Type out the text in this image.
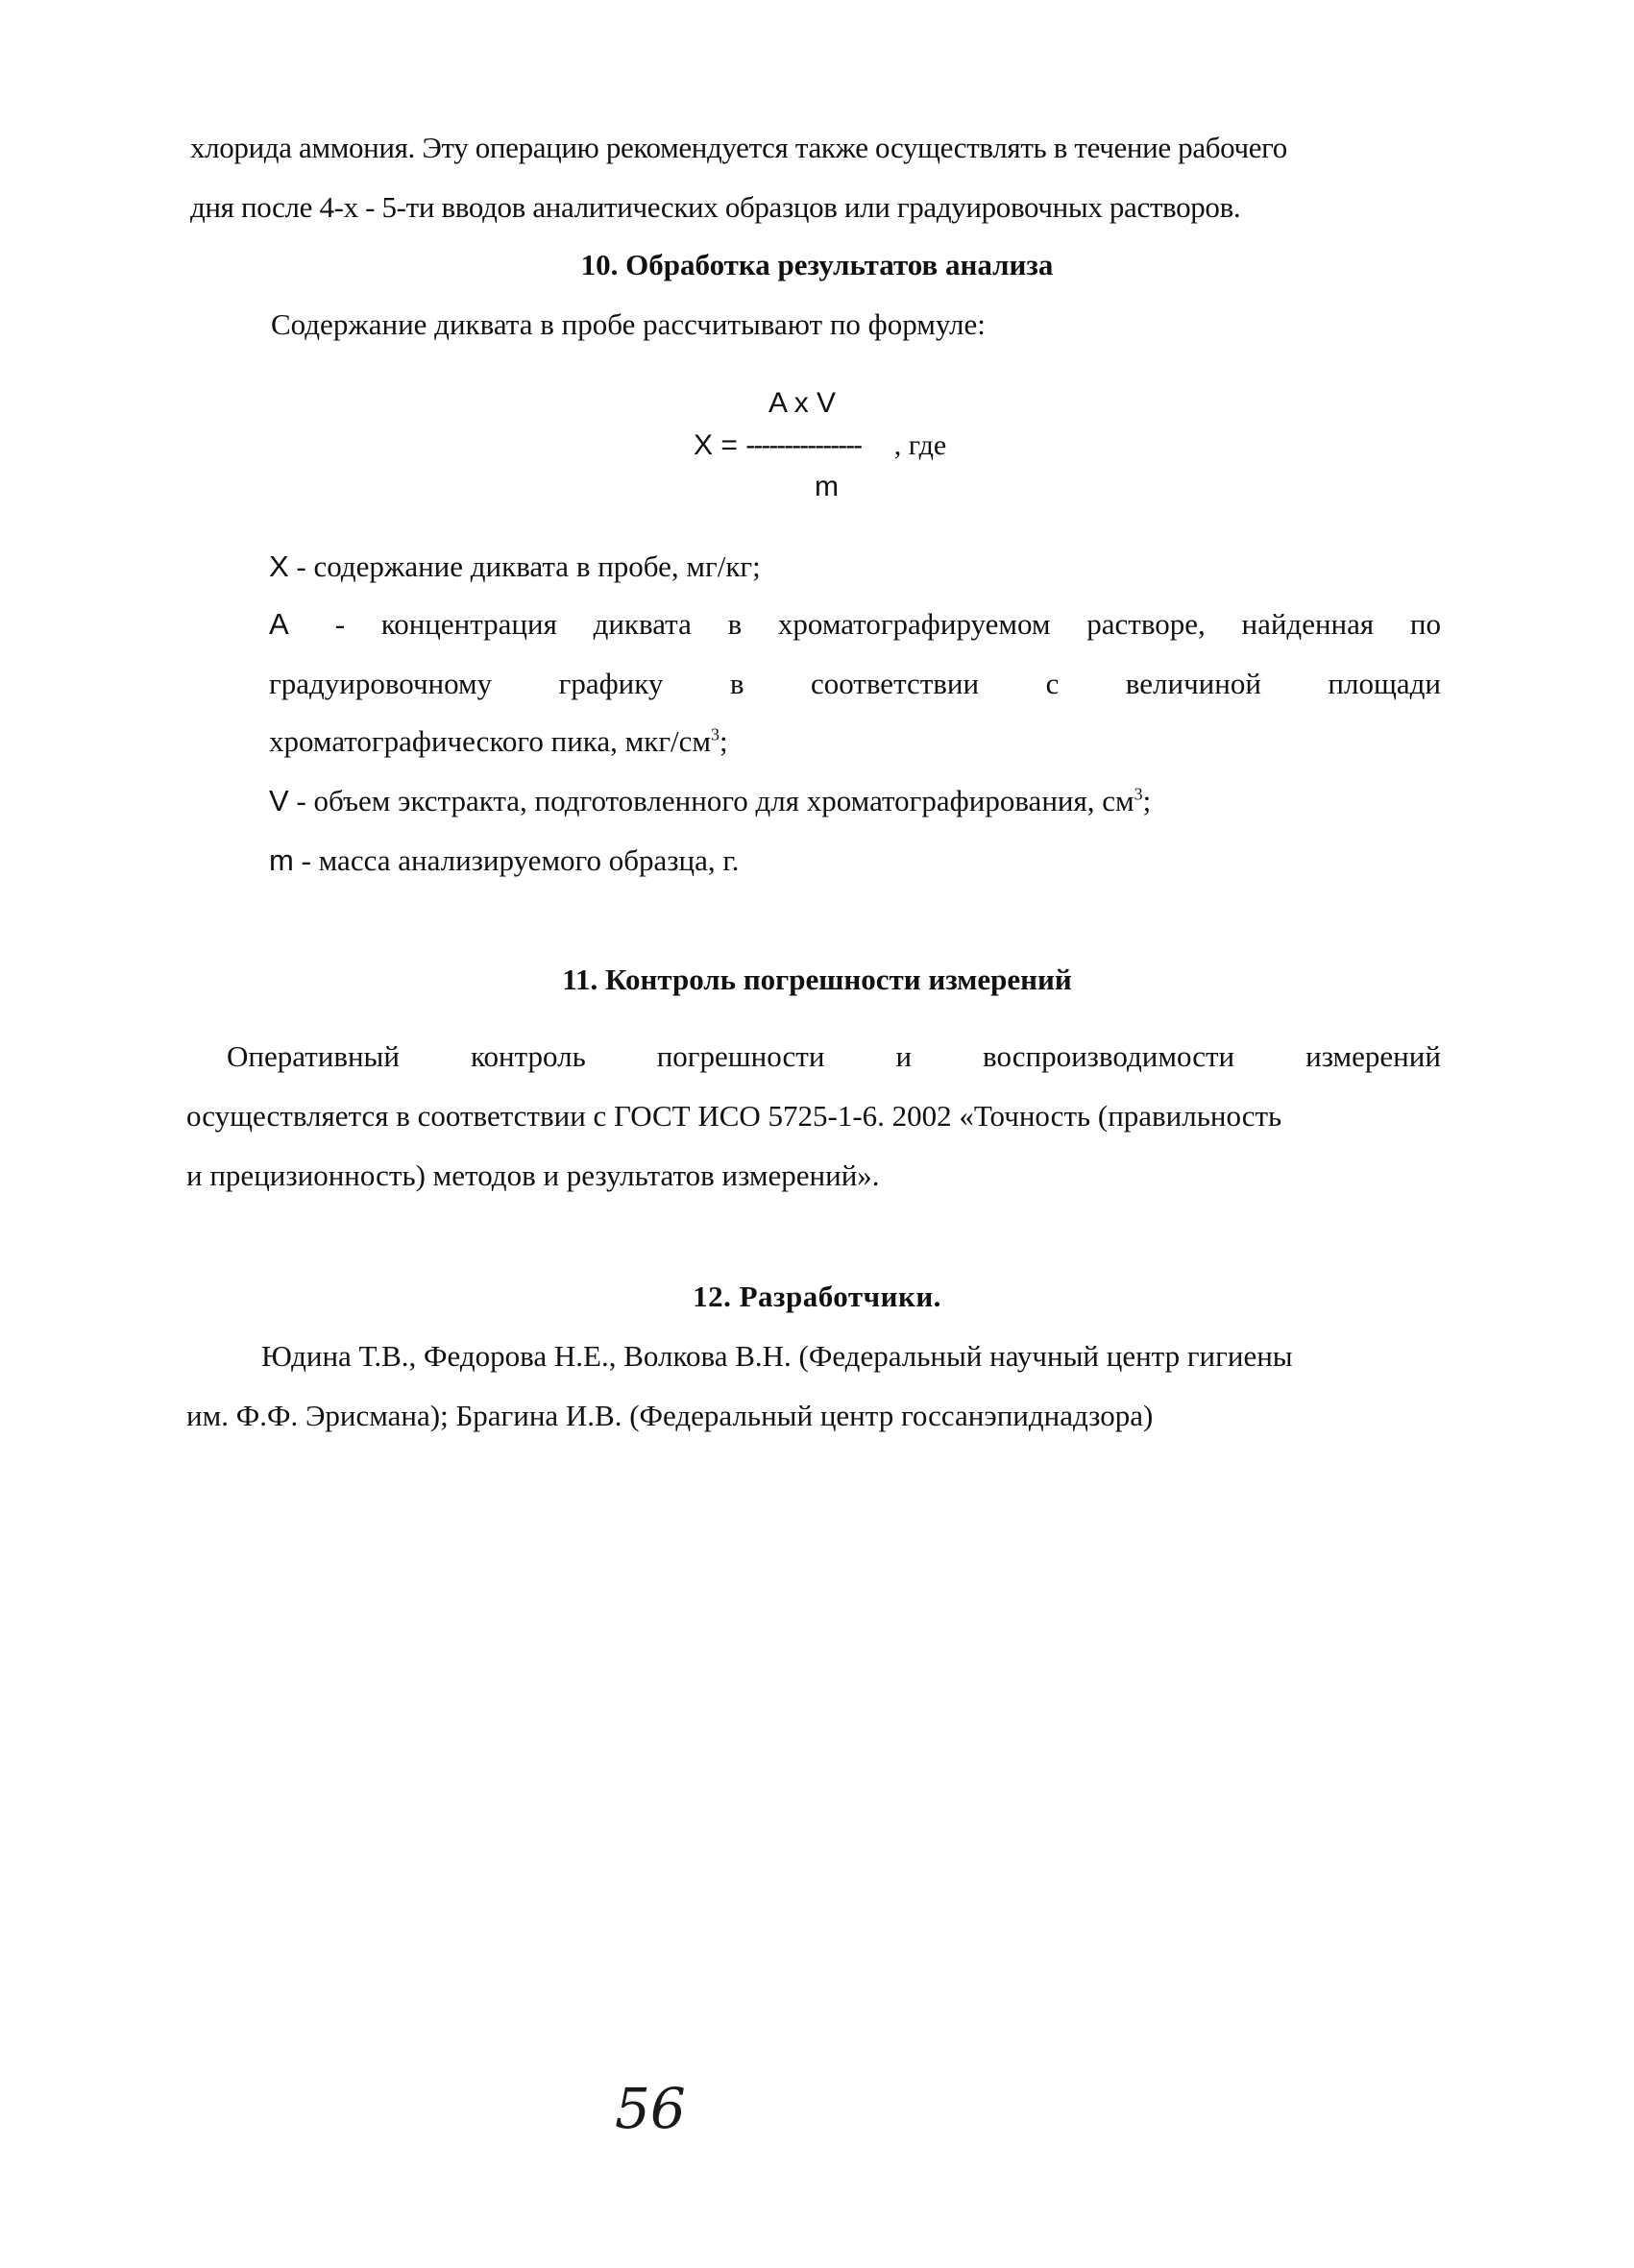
хлорида аммония. Эту операцию рекомендуется также осуществлять в течение рабочего
дня после 4-х - 5-ти вводов аналитических образцов или градуировочных растворов.
10. Обработка результатов анализа
Содержание диквата в пробе рассчитывают по формуле:
A x V
X = --------------- , где
m
X - содержание диквата в пробе, мг/кг;
A - концентрация диквата в хроматографируемом растворе, найденная по
градуировочному графику в соответствии с величиной площади
хроматографического пика, мкг/$см^3$;
V - объем экстракта, подготовленного для хроматографирования, $см^3$;
m - масса анализируемого образца, г.
11. Контроль погрешности измерений
Оперативный контроль погрешности и воспроизводимости измерений
осуществляется в соответствии с ГОСТ ИСО 5725-1-6. 2002 «Точность (правильность
и прецизионность) методов и результатов измерений».
12. Разработчики.
Юдина Т.В., Федорова Н.Е., Волкова В.Н. (Федеральный научный центр гигиены
им. Ф.Ф. Эрисмана); Брагина И.В. (Федеральный центр госсанэпиднадзора)
56
